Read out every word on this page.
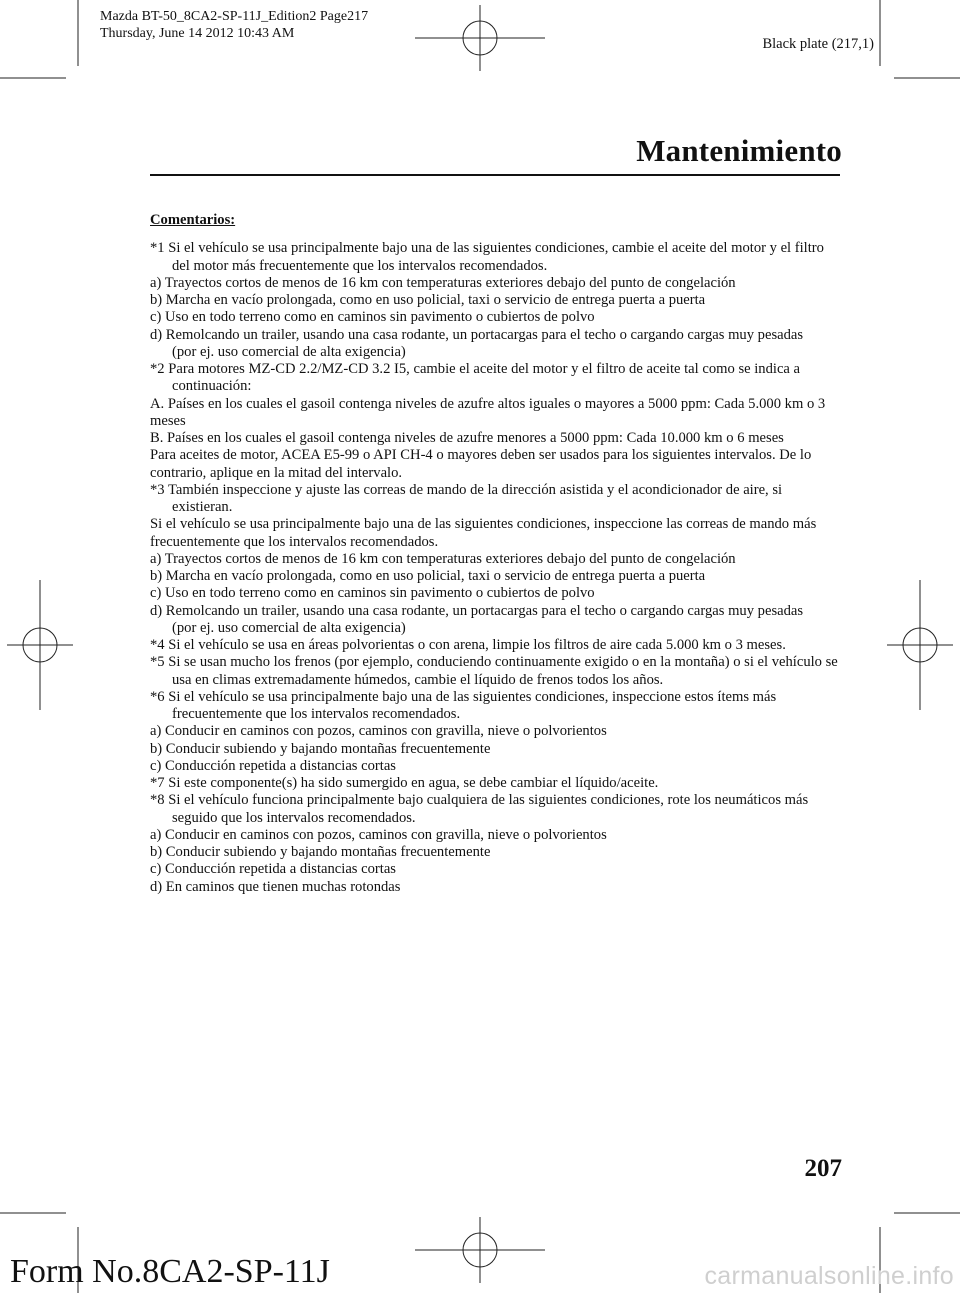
Mazda BT-50_8CA2-SP-11J_Edition2 Page217
Thursday, June 14 2012 10:43 AM
Black plate (217,1)
Mantenimiento
Comentarios:
*1 Si el vehículo se usa principalmente bajo una de las siguientes condiciones, cambie el aceite del motor y el filtro del motor más frecuentemente que los intervalos recomendados.
a) Trayectos cortos de menos de 16 km con temperaturas exteriores debajo del punto de congelación
b) Marcha en vacío prolongada, como en uso policial, taxi o servicio de entrega puerta a puerta
c) Uso en todo terreno como en caminos sin pavimento o cubiertos de polvo
d) Remolcando un trailer, usando una casa rodante, un portacargas para el techo o cargando cargas muy pesadas
(por ej. uso comercial de alta exigencia)
*2 Para motores MZ-CD 2.2/MZ-CD 3.2 I5, cambie el aceite del motor y el filtro de aceite tal como se indica a continuación:
A. Países en los cuales el gasoil contenga niveles de azufre altos iguales o mayores a 5000 ppm: Cada 5.000 km o 3 meses
B. Países en los cuales el gasoil contenga niveles de azufre menores a 5000 ppm: Cada 10.000 km o 6 meses
Para aceites de motor, ACEA E5-99 o API CH-4 o mayores deben ser usados para los siguientes intervalos. De lo contrario, aplique en la mitad del intervalo.
*3 También inspeccione y ajuste las correas de mando de la dirección asistida y el acondicionador de aire, si existieran.
Si el vehículo se usa principalmente bajo una de las siguientes condiciones, inspeccione las correas de mando más frecuentemente que los intervalos recomendados.
a) Trayectos cortos de menos de 16 km con temperaturas exteriores debajo del punto de congelación
b) Marcha en vacío prolongada, como en uso policial, taxi o servicio de entrega puerta a puerta
c) Uso en todo terreno como en caminos sin pavimento o cubiertos de polvo
d) Remolcando un trailer, usando una casa rodante, un portacargas para el techo o cargando cargas muy pesadas
(por ej. uso comercial de alta exigencia)
*4 Si el vehículo se usa en áreas polvorientas o con arena, limpie los filtros de aire cada 5.000 km o 3 meses.
*5 Si se usan mucho los frenos (por ejemplo, conduciendo continuamente exigido o en la montaña) o si el vehículo se usa en climas extremadamente húmedos, cambie el líquido de frenos todos los años.
*6 Si el vehículo se usa principalmente bajo una de las siguientes condiciones, inspeccione estos ítems más frecuentemente que los intervalos recomendados.
a) Conducir en caminos con pozos, caminos con gravilla, nieve o polvorientos
b) Conducir subiendo y bajando montañas frecuentemente
c) Conducción repetida a distancias cortas
*7 Si este componente(s) ha sido sumergido en agua, se debe cambiar el líquido/aceite.
*8 Si el vehículo funciona principalmente bajo cualquiera de las siguientes condiciones, rote los neumáticos más seguido que los intervalos recomendados.
a) Conducir en caminos con pozos, caminos con gravilla, nieve o polvorientos
b) Conducir subiendo y bajando montañas frecuentemente
c) Conducción repetida a distancias cortas
d) En caminos que tienen muchas rotondas
207
Form No.8CA2-SP-11J	carmanualsonline.info
